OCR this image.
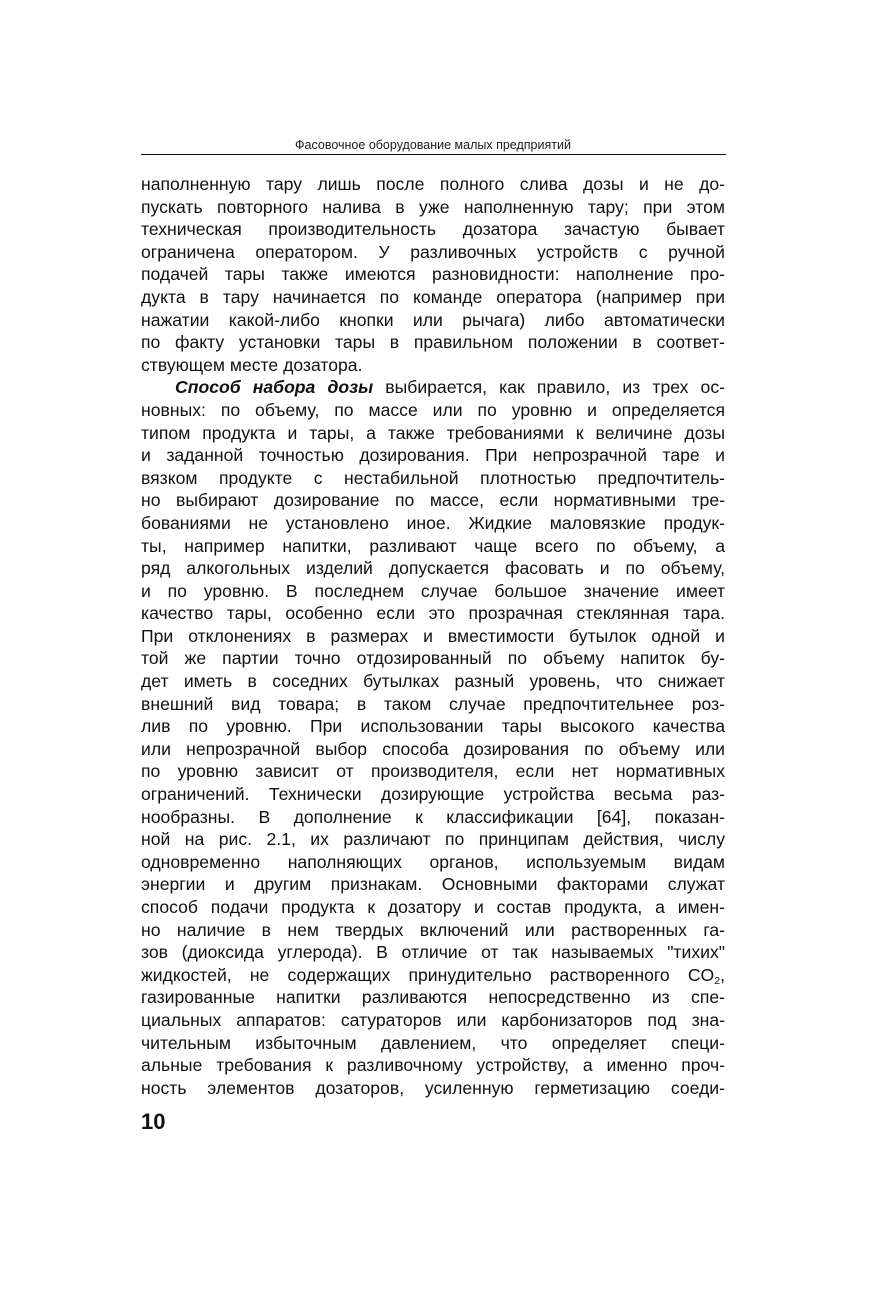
Фасовочное оборудование малых предприятий
наполненную тару лишь после полного слива дозы и не до-
пускать повторного налива в уже наполненную тару; при этом
техническая производительность дозатора зачастую бывает
ограничена оператором. У разливочных устройств с ручной
подачей тары также имеются разновидности: наполнение про-
дукта в тару начинается по команде оператора (например при
нажатии какой-либо кнопки или рычага) либо автоматически
по факту установки тары в правильном положении в соответ-
ствующем месте дозатора.
Способ набора дозы выбирается, как правило, из трех ос-
новных: по объему, по массе или по уровню и определяется
типом продукта и тары, а также требованиями к величине дозы
и заданной точностью дозирования. При непрозрачной таре и
вязком продукте с нестабильной плотностью предпочтитель-
но выбирают дозирование по массе, если нормативными тре-
бованиями не установлено иное. Жидкие маловязкие продук-
ты, например напитки, разливают чаще всего по объему, а
ряд алкогольных изделий допускается фасовать и по объему,
и по уровню. В последнем случае большое значение имеет
качество тары, особенно если это прозрачная стеклянная тара.
При отклонениях в размерах и вместимости бутылок одной и
той же партии точно отдозированный по объему напиток бу-
дет иметь в соседних бутылках разный уровень, что снижает
внешний вид товара; в таком случае предпочтительнее роз-
лив по уровню. При использовании тары высокого качества
или непрозрачной выбор способа дозирования по объему или
по уровню зависит от производителя, если нет нормативных
ограничений. Технически дозирующие устройства весьма раз-
нообразны. В дополнение к классификации [64], показан-
ной на рис. 2.1, их различают по принципам действия, числу
одновременно наполняющих органов, используемым видам
энергии и другим признакам. Основными факторами служат
способ подачи продукта к дозатору и состав продукта, а имен-
но наличие в нем твердых включений или растворенных га-
зов (диоксида углерода). В отличие от так называемых "тихих"
жидкостей, не содержащих принудительно растворенного $CO_2$,
газированные напитки разливаются непосредственно из спе-
циальных аппаратов: сатураторов или карбонизаторов под зна-
чительным избыточным давлением, что определяет специ-
альные требования к разливочному устройству, а именно проч-
ность элементов дозаторов, усиленную герметизацию соеди-
10
